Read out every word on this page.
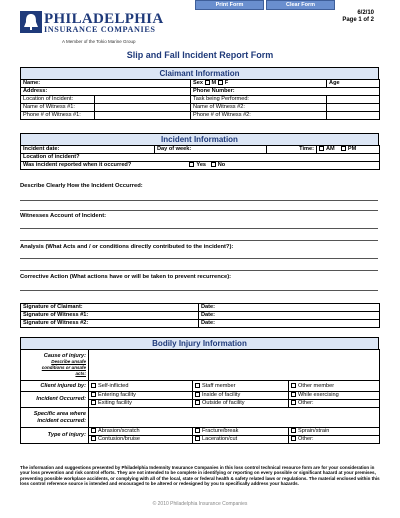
Print Form	Clear Form
PHILADELPHIA
INSURANCE COMPANIES
A Member of the Tokio Marine Group
6/2/10
Page 1 of 2
Slip and Fall Incident Report Form
Claimant Information
Name:		Sex M F	Age
Address:		Phone Number:	
Location of Incident:		Task being Performed:	
Name of Witness #1:		Name of Witness #2:	
Phone # of Witness #1:		Phone # of Witness #2:	
Incident Information
Incident date:	Day of week:	Time:	AM PM
Location of incident?
Was incident reported when it occurred?	Yes No
Describe Clearly How the Incident Occurred:
Witnesses Account of Incident:
Analysis (What Acts and / or conditions directly contributed to the incident?):
Corrective Action (What actions have or will be taken to prevent recurrence):
Signature of Claimant:	Date:
Signature of Witness #1:	Date:
Signature of Witness #2:	Date:
Bodily Injury Information
Cause of injury:
Describe unsafe
conditions or unsafe
acts:			

Client injured by:	Self-inflicted	Staff member	Other member
Incident Occurred:	Entering facility	Inside of facility	While exercising
	Exiting facility	Outside of facility	Other:

Specific area where
incident occurred:			

Type of injury:	Abrasion/scratch	Fracture/break	Sprain/strain
	Contusion/bruise	Laceration/cut	Other:
The information and suggestions presented by Philadelphia Indemnity Insurance Companies in this loss control technical resource form are for your consideration in your loss prevention and risk control efforts. They are not intended to be complete in identifying or reporting on every possible or significant hazard at your premises, preventing possible workplace accidents, or complying with all of the local, state or federal health & safety related laws or regulations. The material enclosed within this loss control reference source is intended and encouraged to be altered or redesigned by you to specifically address your hazards.
© 2010 Philadelphia Insurance Companies
